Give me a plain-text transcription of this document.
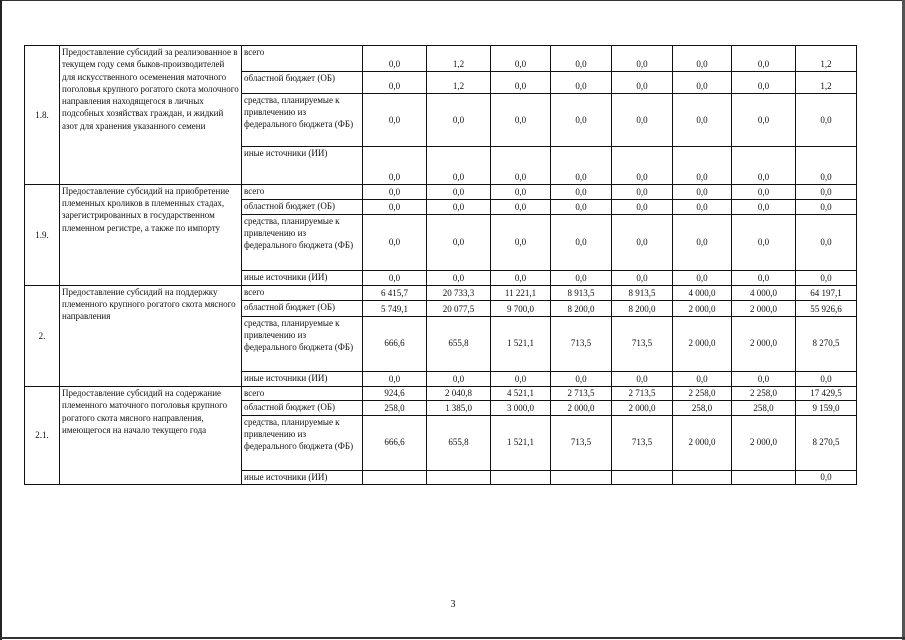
1.8.	Предоставление субсидий за реализованное в текущем году семя быков-производителей для искусственного осеменения маточного поголовья крупного рогатого скота молочного направления находящегося в личных подсобных хозяйствах граждан, и жидкий азот для хранения указанного семени	всего	0,0	1,2	0,0	0,0	0,0	0,0	0,0	1,2
		областной бюджет (ОБ)	0,0	1,2	0,0	0,0	0,0	0,0	0,0	1,2
		средства, планируемые к привлечению из федерального бюджета (ФБ)	0,0	0,0	0,0	0,0	0,0	0,0	0,0	0,0
		иные источники (ИИ)	0,0	0,0	0,0	0,0	0,0	0,0	0,0	0,0
1.9.	Предоставление субсидий на приобретение племенных кроликов в племенных стадах, зарегистрированных в государственном племенном регистре, а также по импорту	всего	0,0	0,0	0,0	0,0	0,0	0,0	0,0	0,0
		областной бюджет (ОБ)	0,0	0,0	0,0	0,0	0,0	0,0	0,0	0,0
		средства, планируемые к привлечению из федерального бюджета (ФБ)	0,0	0,0	0,0	0,0	0,0	0,0	0,0	0,0
		иные источники (ИИ)	0,0	0,0	0,0	0,0	0,0	0,0	0,0	0,0
2.	Предоставление субсидий на поддержку племенного крупного рогатого скота мясного направления	всего	6 415,7	20 733,3	11 221,1	8 913,5	8 913,5	4 000,0	4 000,0	64 197,1
		областной бюджет (ОБ)	5 749,1	20 077,5	9 700,0	8 200,0	8 200,0	2 000,0	2 000,0	55 926,6
		средства, планируемые к привлечению из федерального бюджета (ФБ)	666,6	655,8	1 521,1	713,5	713,5	2 000,0	2 000,0	8 270,5
		иные источники (ИИ)	0,0	0,0	0,0	0,0	0,0	0,0	0,0	0,0
2.1.	Предоставление субсидий на содержание племенного маточного поголовья крупного рогатого скота мясного направления, имеющегося на начало текущего года	всего	924,6	2 040,8	4 521,1	2 713,5	2 713,5	2 258,0	2 258,0	17 429,5
		областной бюджет (ОБ)	258,0	1 385,0	3 000,0	2 000,0	2 000,0	258,0	258,0	9 159,0
		средства, планируемые к привлечению из федерального бюджета (ФБ)	666,6	655,8	1 521,1	713,5	713,5	2 000,0	2 000,0	8 270,5
		иные источники (ИИ)								0,0
3
